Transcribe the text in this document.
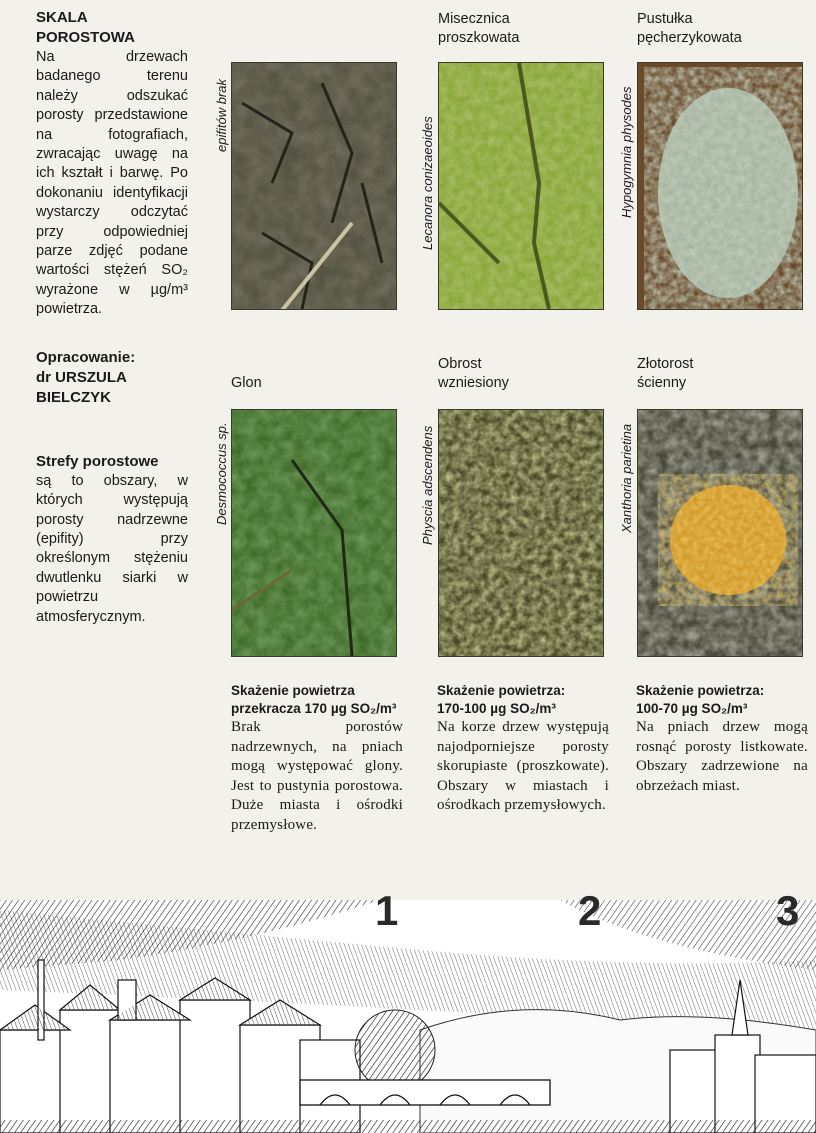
SKALA
POROSTOWA
Na drzewach badanego terenu należy odszukać porosty przedstawione na fotografiach, zwracając uwagę na ich kształt i barwę. Po dokonaniu identyfikacji wystarczy odczytać przy odpowiedniej parze zdjęć podane wartości stężeń SO₂ wyrażone w µg/m³ powietrza.
Opracowanie:
dr URSZULA
BIELCZYK
Strefy porostowe
są to obszary, w których występują porosty nadrzewne (epifity) przy określonym stężeniu dwutlenku siarki w powietrzu atmosferycznym.
Miseczniса
proszkowata
Pustułka
pęcherzykowata
epifitów brak
Lecanora conizaeoides	Hypogymnia physodes
Glon
Obrost
wzniesiony
Złotorost
ścienny
Desmococcus sp.	Physcia adscendens	Xanthoria parietina
Skażenie powietrza
przekracza 170 µg SO₂/m³
Brak porostów nadrzewnych, na pniach mogą występować glony. Jest to pustynia porostowa. Duże miasta i ośrodki przemysłowe.
Skażenie powietrza:
170-100 µg SO₂/m³
Na korze drzew występują najodporniejsze porosty skorupiaste (proszkowate). Obszary w miastach i ośrodkach przemysłowych.
Skażenie powietrza:
100-70 µg SO₂/m³
Na pniach drzew mogą rosnąć porosty listkowate. Obszary zadrzewione na obrzeżach miast.
1	2	3
